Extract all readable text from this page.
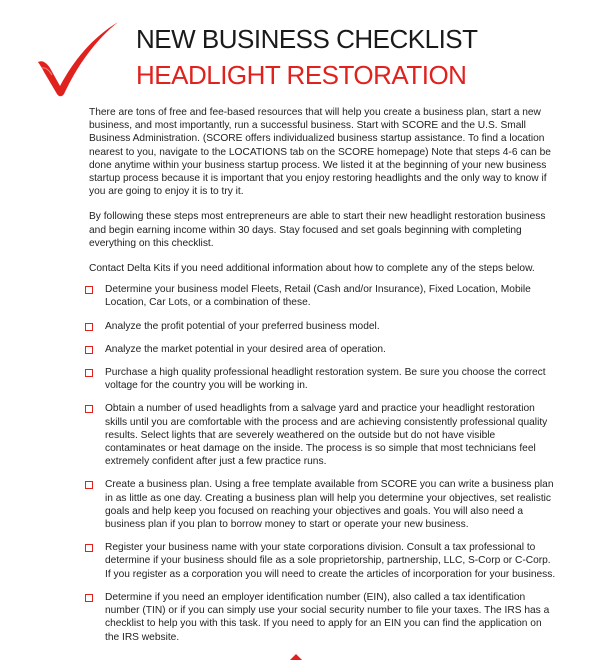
NEW BUSINESS CHECKLIST
HEADLIGHT RESTORATION

There are tons of free and fee-based resources that will help you create a business plan, start a new business, and most importantly, run a successful business. Start with SCORE and the U.S. Small Business Administration. (SCORE offers individualized business startup assistance. To find a location nearest to you, navigate to the LOCATIONS tab on the SCORE homepage) Note that steps 4-6 can be done anytime within your business startup process. We listed it at the beginning of your new business startup process because it is important that you enjoy restoring headlights and the only way to know if you are going to enjoy it is to try it.

By following these steps most entrepreneurs are able to start their new headlight restoration business and begin earning income within 30 days. Stay focused and set goals beginning with completing everything on this checklist.

Contact Delta Kits if you need additional information about how to complete any of the steps below.

Determine your business model Fleets, Retail (Cash and/or Insurance), Fixed Location, Mobile Location, Car Lots, or a combination of these.
Analyze the profit potential of your preferred business model.
Analyze the market potential in your desired area of operation.
Purchase a high quality professional headlight restoration system. Be sure you choose the correct voltage for the country you will be working in.
Obtain a number of used headlights from a salvage yard and practice your headlight restoration skills until you are comfortable with the process and are achieving consistently professional quality results. Select lights that are severely weathered on the outside but do not have visible contaminates or heat damage on the inside. The process is so simple that most technicians feel extremely confident after just a few practice runs.
Create a business plan. Using a free template available from SCORE you can write a business plan in as little as one day. Creating a business plan will help you determine your objectives, set realistic goals and help keep you focused on reaching your objectives and goals. You will also need a business plan if you plan to borrow money to start or operate your new business.
Register your business name with your state corporations division. Consult a tax professional to determine if your business should file as a sole proprietorship, partnership, LLC, S-Corp or C-Corp. If you register as a corporation you will need to create the articles of incorporation for your business.
Determine if you need an employer identification number (EIN), also called a tax identification number (TIN) or if you can simply use your social security number to file your taxes. The IRS has a checklist to help you with this task. If you need to apply for an EIN you can find the application on the IRS website.
